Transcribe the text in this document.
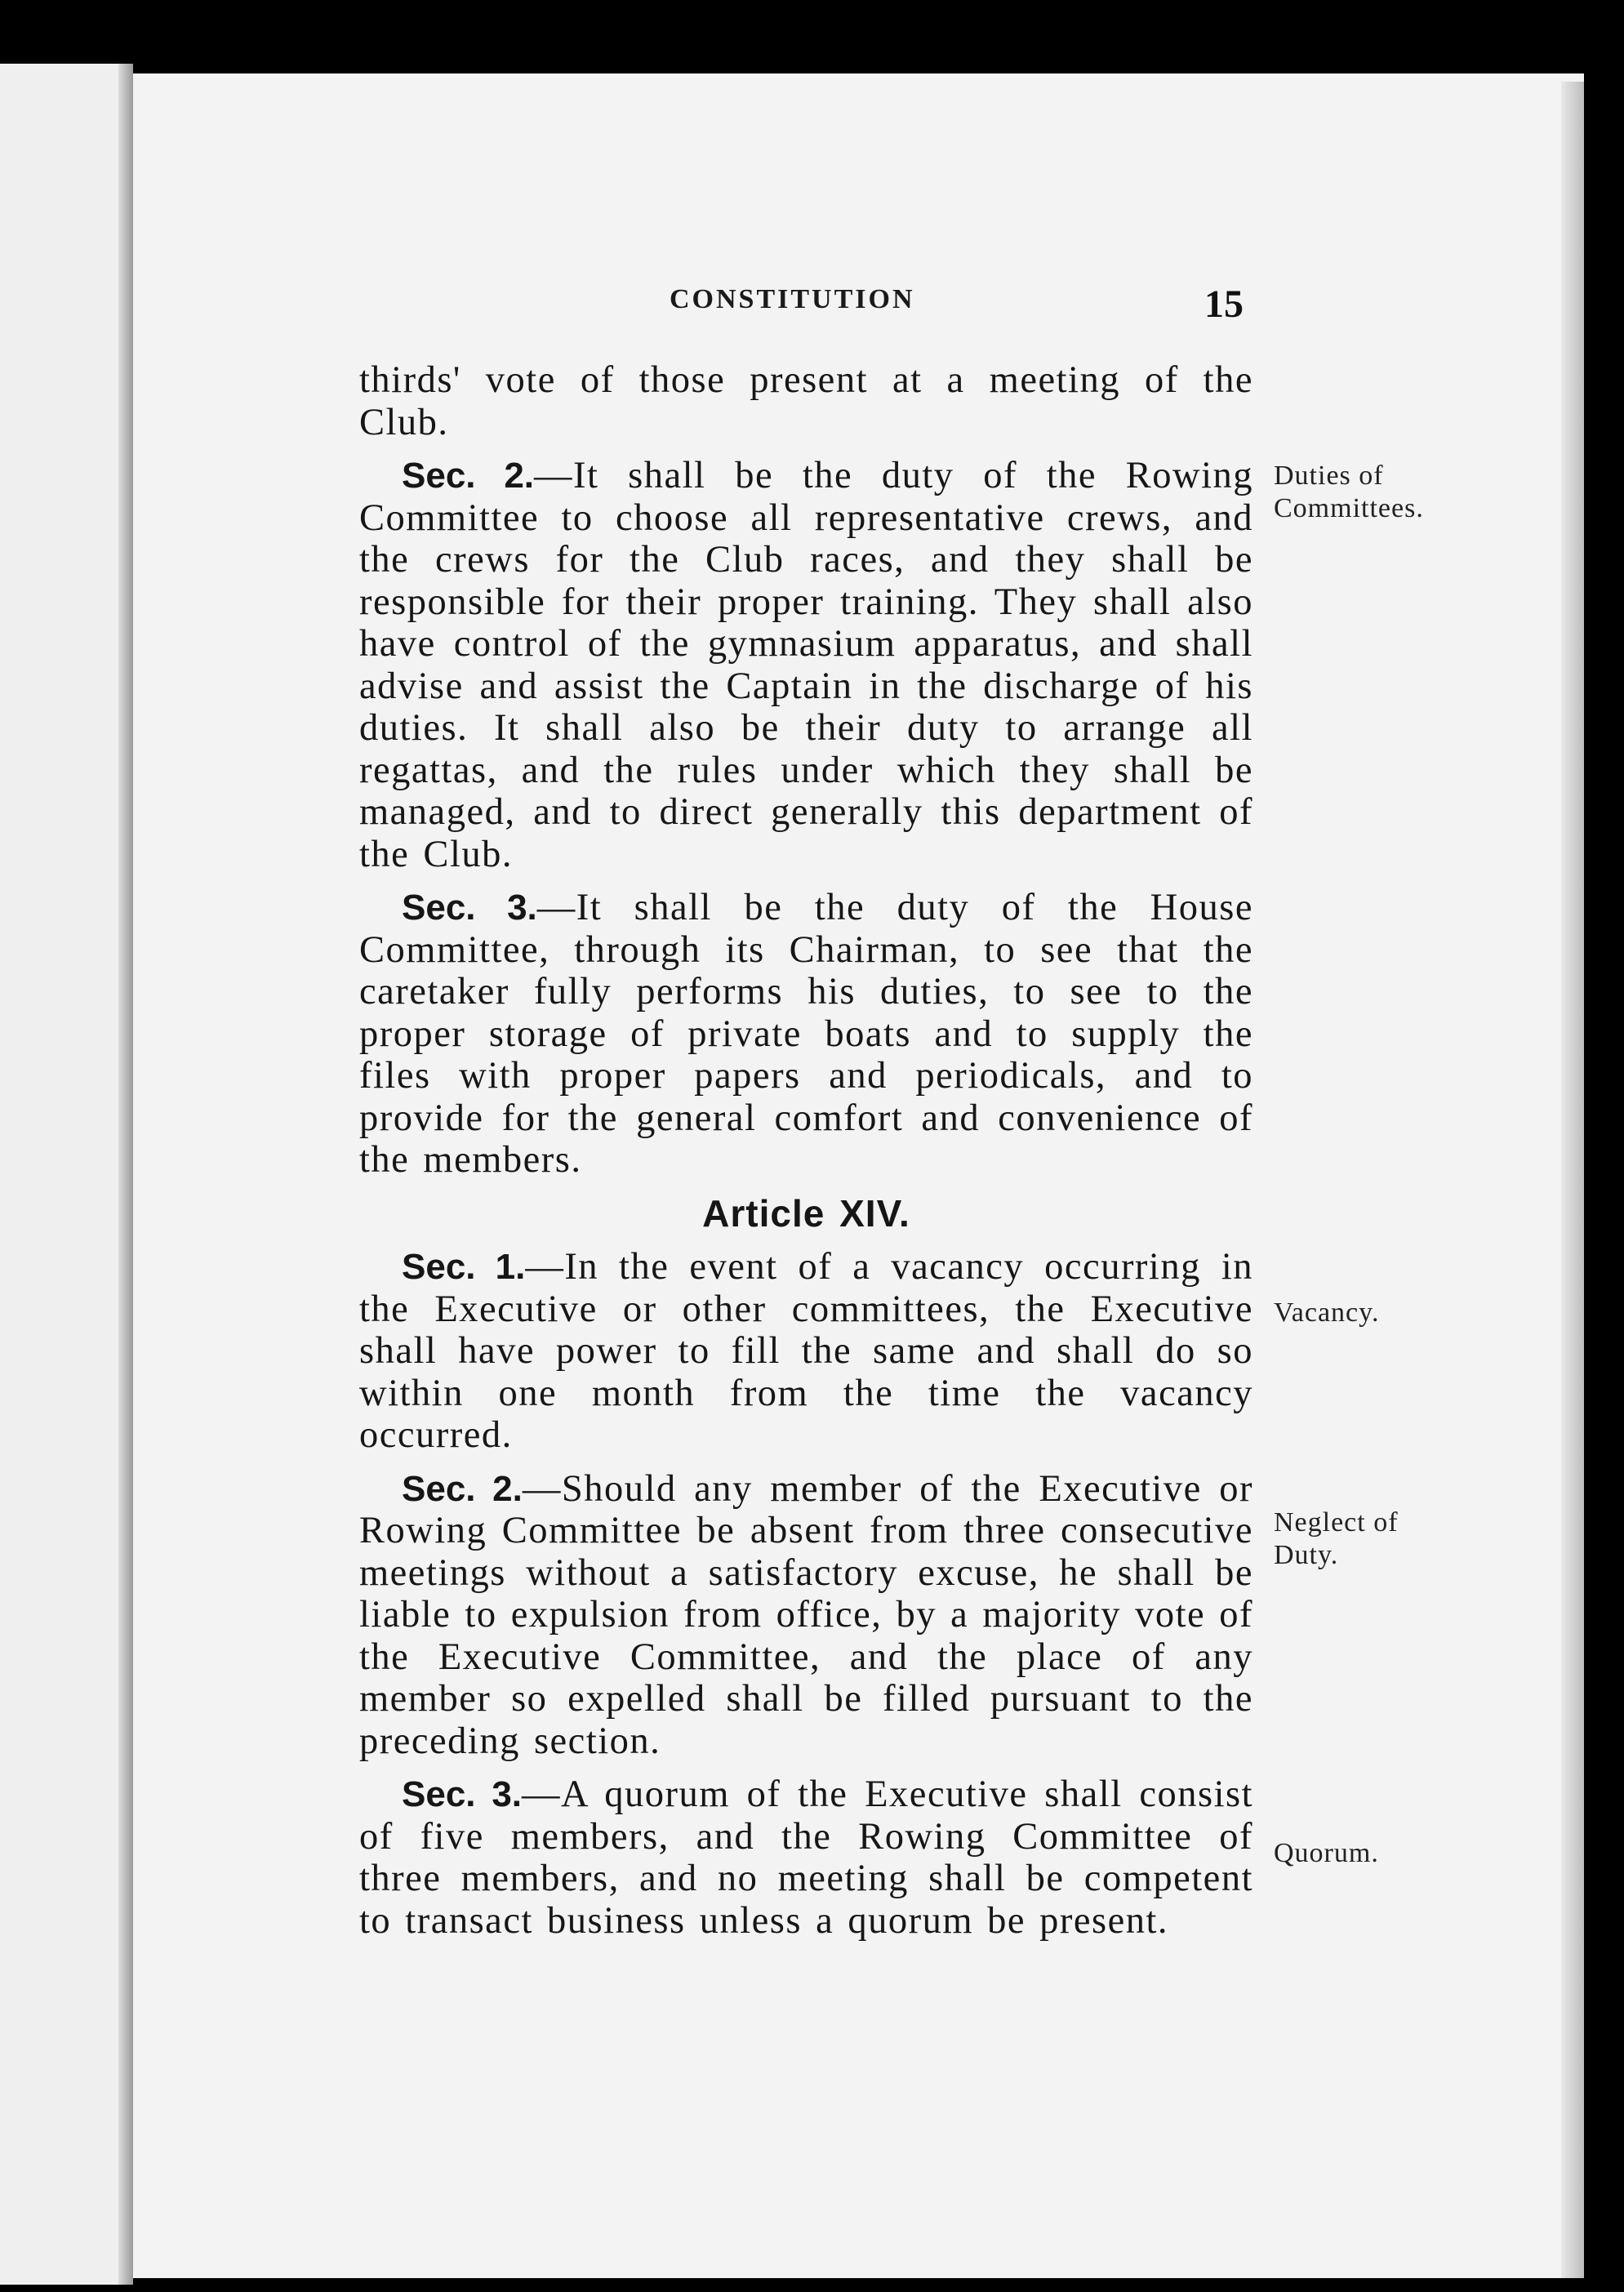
CONSTITUTION	15

thirds' vote of those present at a meeting of the Club.

Sec. 2.—It shall be the duty of the Rowing Committee to choose all representative crews, and the crews for the Club races, and they shall be responsible for their proper training. They shall also have control of the gymnasium apparatus, and shall advise and assist the Captain in the discharge of his duties. It shall also be their duty to arrange all regattas, and the rules under which they shall be managed, and to direct generally this department of the Club.

Sec. 3.—It shall be the duty of the House Committee, through its Chairman, to see that the caretaker fully performs his duties, to see to the proper storage of private boats and to supply the files with proper papers and periodicals, and to provide for the general comfort and convenience of the members.

Article XIV.

Sec. 1.—In the event of a vacancy occurring in the Executive or other committees, the Executive shall have power to fill the same and shall do so within one month from the time the vacancy occurred.

Sec. 2.—Should any member of the Executive or Rowing Committee be absent from three consecutive meetings without a satisfactory excuse, he shall be liable to expulsion from office, by a majority vote of the Executive Committee, and the place of any member so expelled shall be filled pursuant to the preceding section.

Sec. 3.—A quorum of the Executive shall consist of five members, and the Rowing Committee of three members, and no meeting shall be competent to transact business unless a quorum be present.

Duties of Committees.
Vacancy.
Neglect of Duty.
Quorum.
